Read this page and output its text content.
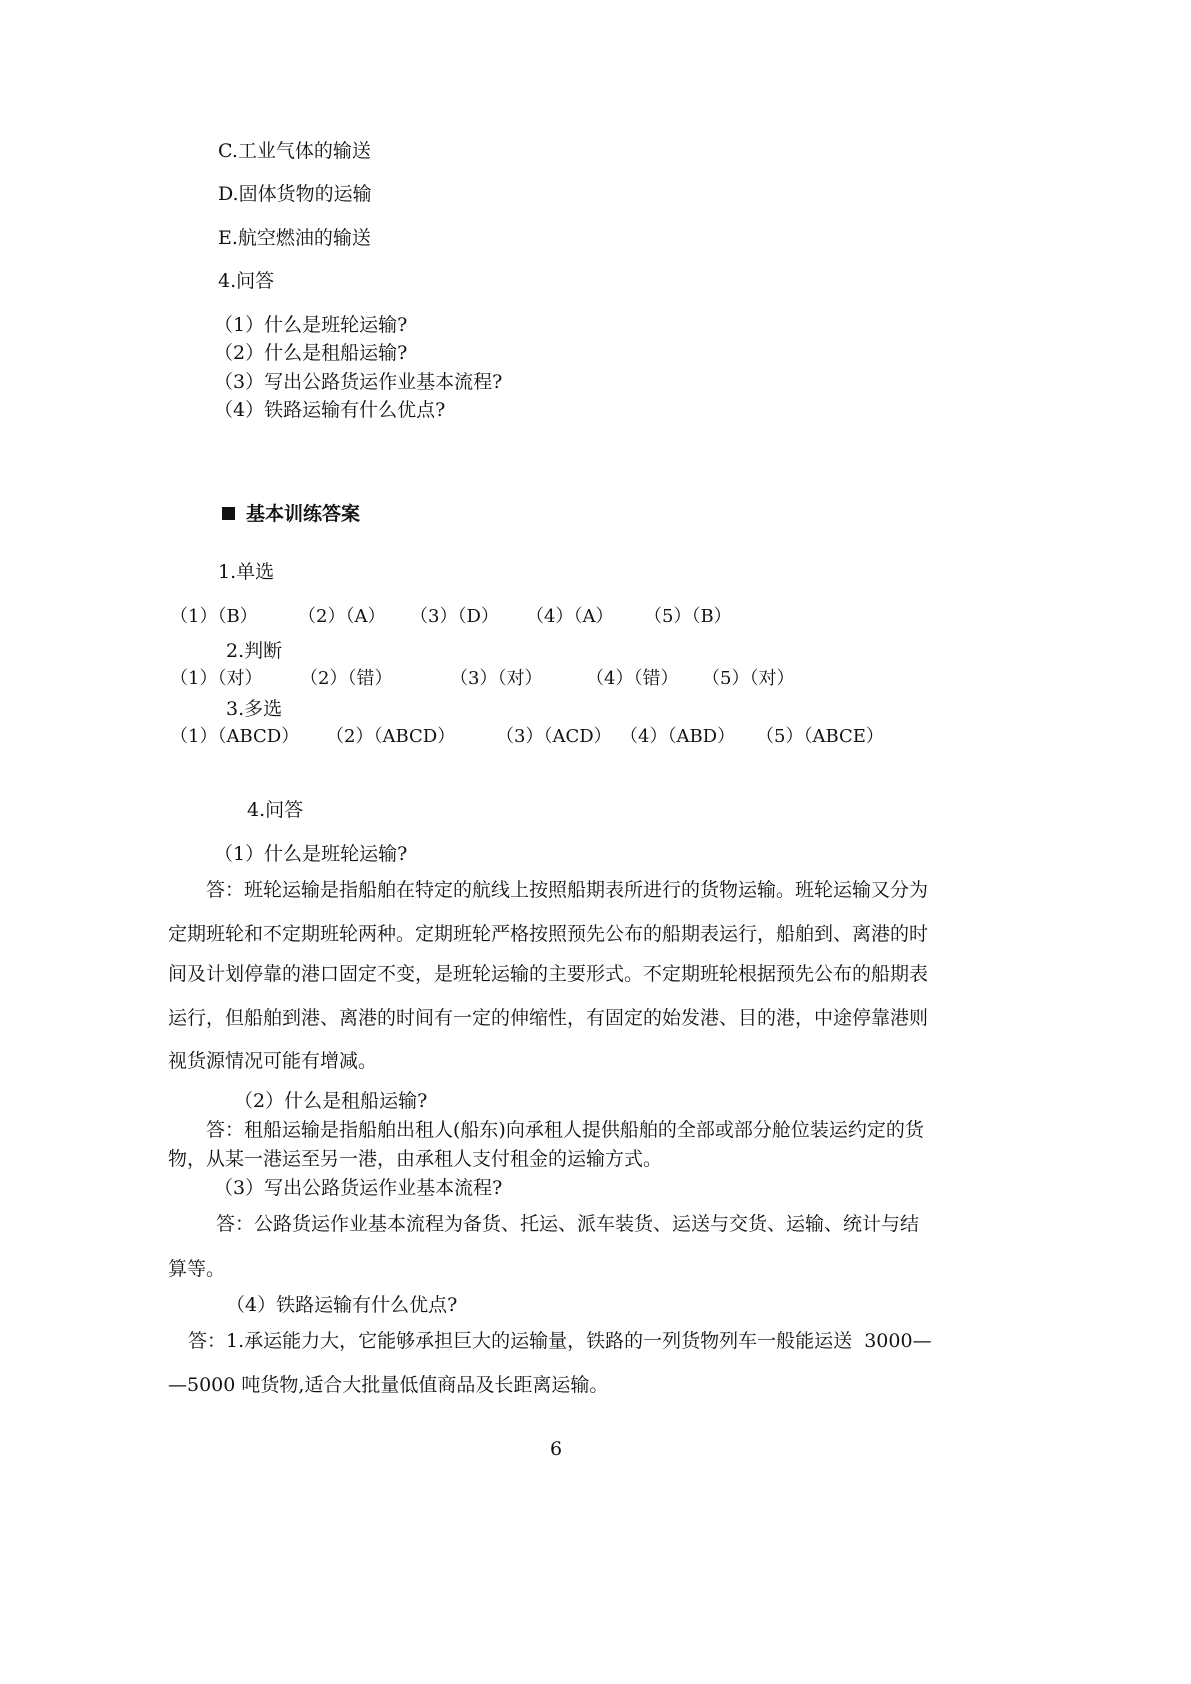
C.工业气体的输送
D.固体货物的运输
E.航空燃油的输送
4.问答
（1）什么是班轮运输?
（2）什么是租船运输?
（3）写出公路货运作业基本流程?
（4）铁路运输有什么优点?
基本训练答案
1.单选
（1）（B） （2）（A） （3）（D） （4）（A） （5）（B）
2.判断
（1）（对） （2）（错）	（3）（对） （4）（错） （5）（对）
3.多选
（1）（ABCD） （2）（ABCD） （3）（ACD） （4）（ABD） （5）（ABCE）
4.问答
（1）什么是班轮运输?
答：班轮运输是指船舶在特定的航线上按照船期表所进行的货物运输。班轮运输又分为
定期班轮和不定期班轮两种。定期班轮严格按照预先公布的船期表运行，船舶到、离港的时
间及计划停靠的港口固定不变，是班轮运输的主要形式。不定期班轮根据预先公布的船期表
运行，但船舶到港、离港的时间有一定的伸缩性，有固定的始发港、目的港，中途停靠港则
视货源情况可能有增减。
（2）什么是租船运输?
答：租船运输是指船舶出租人(船东)向承租人提供船舶的全部或部分舱位装运约定的货
物，从某一港运至另一港，由承租人支付租金的运输方式。
（3）写出公路货运作业基本流程?
答：公路货运作业基本流程为备货、托运、派车装货、运送与交货、运输、统计与结
算等。
（4）铁路运输有什么优点?
答：1.承运能力大，它能够承担巨大的运输量，铁路的一列货物列车一般能运送  3000—
—5000 吨货物,适合大批量低值商品及长距离运输。
6
